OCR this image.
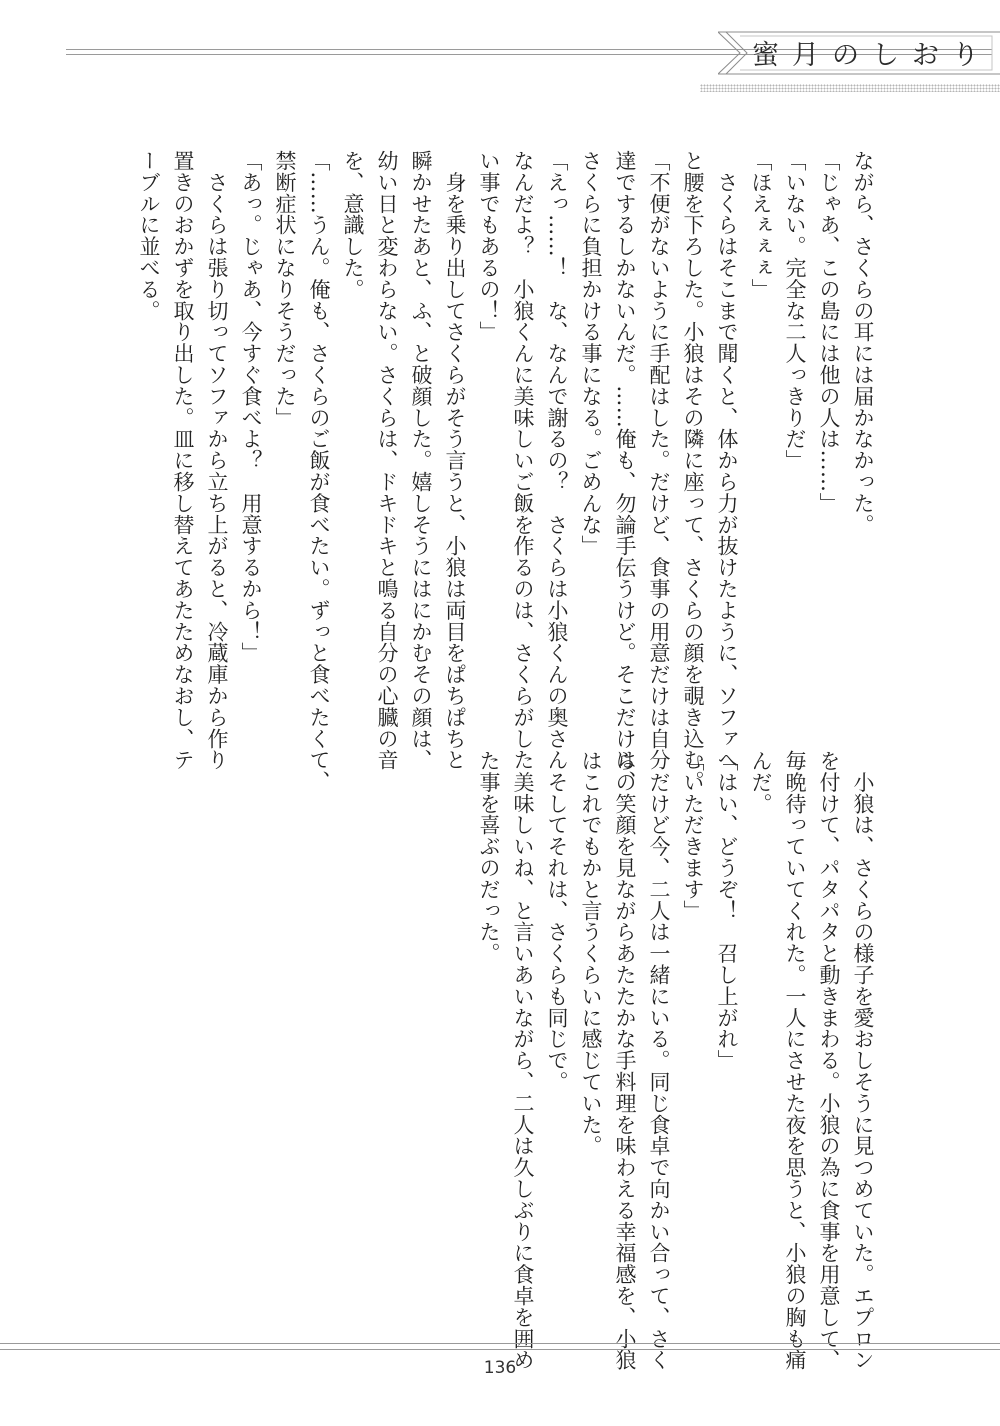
蜜月のしおり
ながら、さくらの耳には届かなかった。
「じゃあ、この島には他の人は……」
「いない。完全な二人っきりだ」
「ほえぇぇぇ」
　さくらはそこまで聞くと、体から力が抜けたように、ソファへ
と腰を下ろした。小狼はその隣に座って、さくらの顔を覗き込む。
「不便がないように手配はした。だけど、食事の用意だけは自分
達でするしかないんだ。……俺も、勿論手伝うけど。そこだけは、
さくらに負担かける事になる。ごめんな」
「えっ……！　な、なんで謝るの？　さくらは小狼くんの奥さん
なんだよ？　小狼くんに美味しいご飯を作るのは、さくらがした
い事でもあるの！」
　身を乗り出してさくらがそう言うと、小狼は両目をぱちぱちと
瞬かせたあと、ふ、と破顔した。嬉しそうにはにかむその顔は、
幼い日と変わらない。さくらは、ドキドキと鳴る自分の心臓の音
を、意識した。
「……うん。俺も、さくらのご飯が食べたい。ずっと食べたくて、
禁断症状になりそうだった」
「あっ。じゃあ、今すぐ食べよ？　用意するから！」
　さくらは張り切ってソファから立ち上がると、冷蔵庫から作り
置きのおかずを取り出した。皿に移し替えてあたためなおし、テ
ーブルに並べる。
　小狼は、さくらの様子を愛おしそうに見つめていた。エプロン
を付けて、パタパタと動きまわる。小狼の為に食事を用意して、
毎晩待っていてくれた。一人にさせた夜を思うと、小狼の胸も痛
んだ。
「はい、どうぞ！　召し上がれ」
「いただきます」
　だけど今、二人は一緒にいる。同じ食卓で向かい合って、さく
らの笑顔を見ながらあたたかな手料理を味わえる幸福感を、小狼
はこれでもかと言うくらいに感じていた。
　そしてそれは、さくらも同じで。
　美味しいね、と言いあいながら、二人は久しぶりに食卓を囲め
た事を喜ぶのだった。
136
